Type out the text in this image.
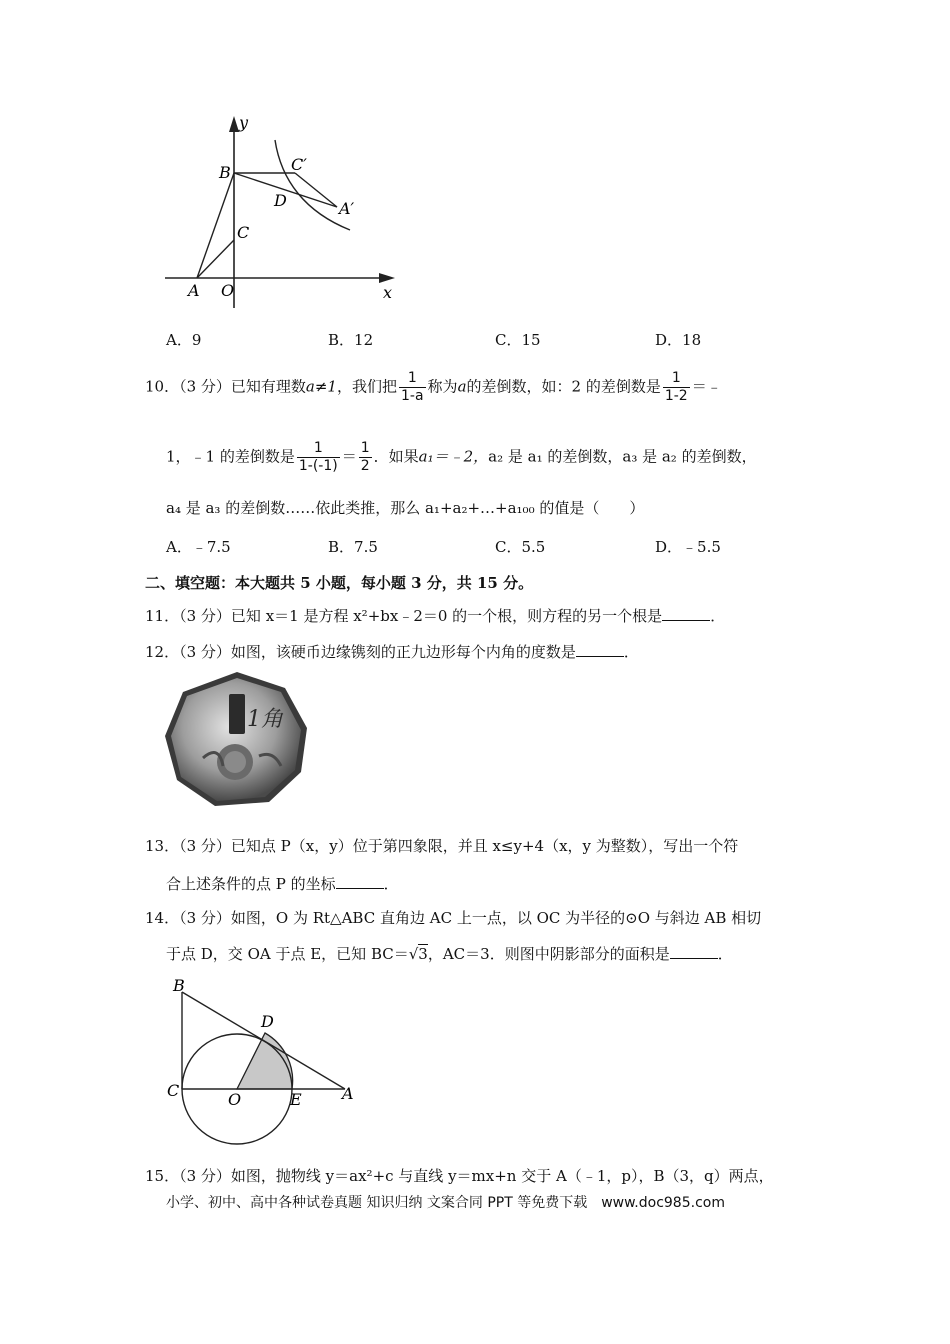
y
x
B	C′
D	A′
C
A O
A．9	B．12	C．15	D．18
10．（3 分）已知有理数a≠1，我们把 $\frac{1}{1-a}$ 称为a的差倒数，如：2 的差倒数是 $\frac{1}{1-2}$ ＝﹣
1，﹣1 的差倒数是 $\frac{1}{1-(-1)} = \frac{1}{2}$ ．如果a₁＝﹣2，a₂ 是 a₁ 的差倒数，a₃ 是 a₂ 的差倒数，
a₄ 是 a₃ 的差倒数……依此类推，那么 a₁+a₂+…+a₁₀₀ 的值是（　　）
A．﹣7.5	B．7.5	C．5.5	D．﹣5.5
二、填空题：本大题共 5 小题，每小题 3 分，共 15 分。
11．（3 分）已知 x＝1 是方程 x²+bx﹣2＝0 的一个根，则方程的另一个根是	．
12．（3 分）如图，该硬币边缘镌刻的正九边形每个内角的度数是	．
1角
13．（3 分）已知点 P（x，y）位于第四象限，并且 x≤y+4（x，y 为整数），写出一个符
合上述条件的点 P 的坐标	．
14．（3 分）如图，O 为 Rt△ABC 直角边 AC 上一点，以 OC 为半径的⊙O 与斜边 AB 相切
于点 D，交 OA 于点 E，已知 BC＝√3，AC＝3．则图中阴影部分的面积是	．
B
D
C	O	E	A
15．（3 分）如图，抛物线 y＝ax²+c 与直线 y＝mx+n 交于 A（﹣1，p），B（3，q）两点，
小学、初中、高中各种试卷真题 知识归纳 文案合同 PPT 等免费下载　www.doc985.com
